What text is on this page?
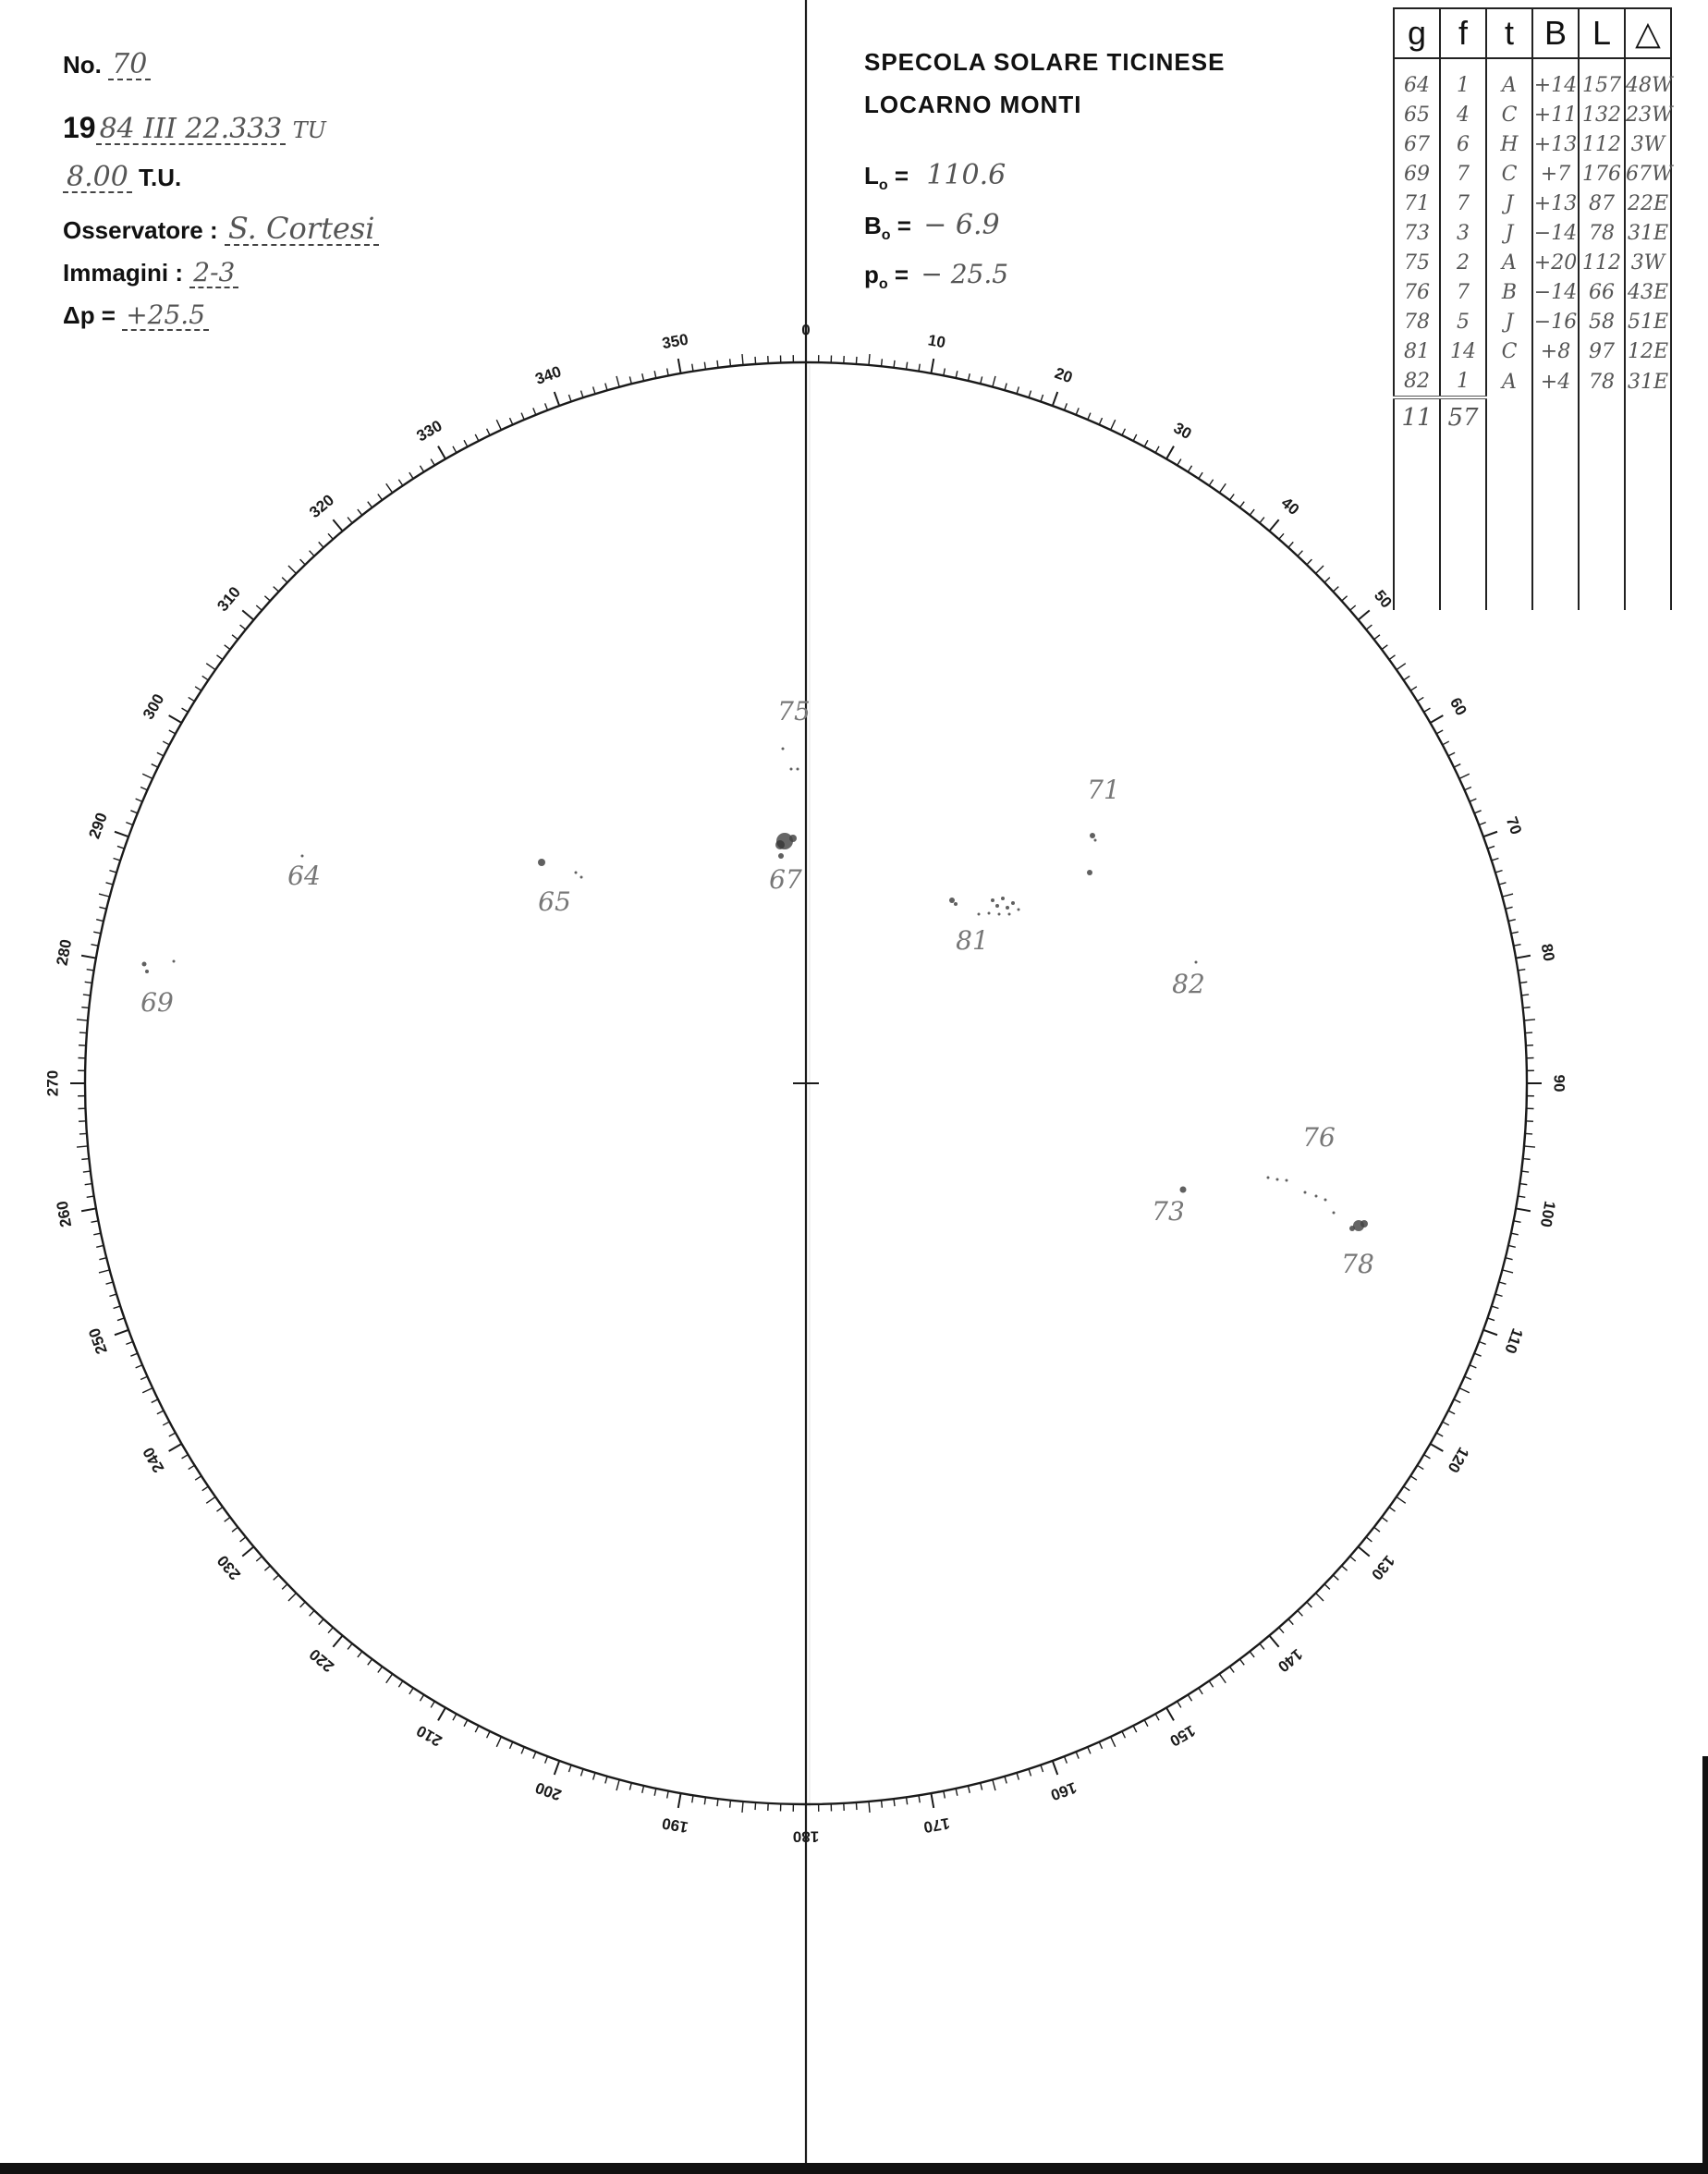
0
10
20
30
40
50
60
70
80
90
100
110
120
130
140
150
160
170
180
190
200
210
220
230
240
250
260
270
280
290
300
310
320
330
340
350
75
71
64	67
65
81
69
82
76
73
78
No. 70
19 84 III 22.333 TU
8.00 T.U.
Osservatore : S. Cortesi
Immagini : 2-3
Δp = +25.5
SPECOLA SOLARE TICINESE
LOCARNO MONTI
$L_o = 110.6$
$B_o$ = − 6.9
$p_o$ = − 25.5
g	f	t	B	L	△
64	1	A	+14	157	48W
65	4	C	+11	132	23W
67	6	H	+13	112	3W
69	7	C	+7	176	67W
71	7	J	+13	87	22E
73	3	J	−14	78	31E
75	2	A	+20	112	3W
76	7	B	−14	66	43E
78	5	J	−16	58	51E
81	14	C	+8	97	12E
82	1	A	+4	78	31E
11	57				
